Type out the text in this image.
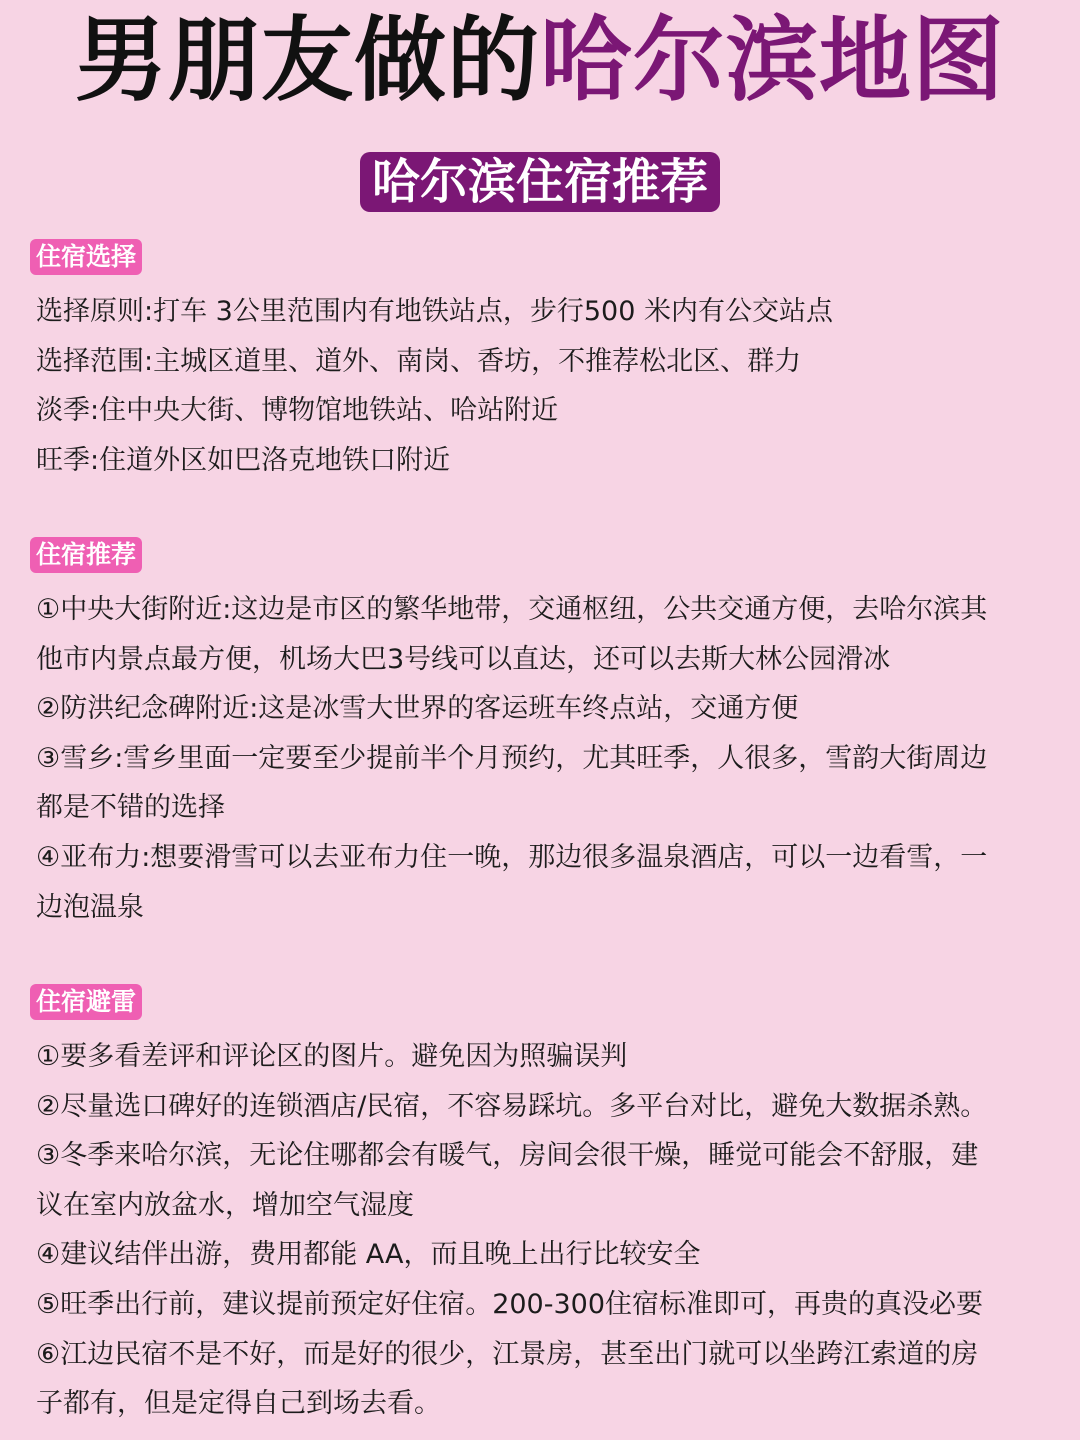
男朋友做的哈尔滨地图
哈尔滨住宿推荐
住宿选择
选择原则:打车 3公里范围内有地铁站点，步行500 米内有公交站点
选择范围:主城区道里、道外、南岗、香坊，不推荐松北区、群力
淡季:住中央大街、博物馆地铁站、哈站附近
旺季:住道外区如巴洛克地铁口附近
住宿推荐
①中央大街附近:这边是市区的繁华地带，交通枢纽，公共交通方便，去哈尔滨其
他市内景点最方便，机场大巴3号线可以直达，还可以去斯大林公园滑冰
②防洪纪念碑附近:这是冰雪大世界的客运班车终点站，交通方便
③雪乡:雪乡里面一定要至少提前半个月预约，尤其旺季，人很多，雪韵大街周边
都是不错的选择
④亚布力:想要滑雪可以去亚布力住一晚，那边很多温泉酒店，可以一边看雪，一
边泡温泉
住宿避雷
①要多看差评和评论区的图片。避免因为照骗误判
②尽量选口碑好的连锁酒店/民宿，不容易踩坑。多平台对比，避免大数据杀熟。
③冬季来哈尔滨，无论住哪都会有暖气，房间会很干燥，睡觉可能会不舒服，建
议在室内放盆水，增加空气湿度
④建议结伴出游，费用都能 AA，而且晚上出行比较安全
⑤旺季出行前，建议提前预定好住宿。200-300住宿标准即可，再贵的真没必要
⑥江边民宿不是不好，而是好的很少，江景房，甚至出门就可以坐跨江索道的房
子都有，但是定得自己到场去看。
